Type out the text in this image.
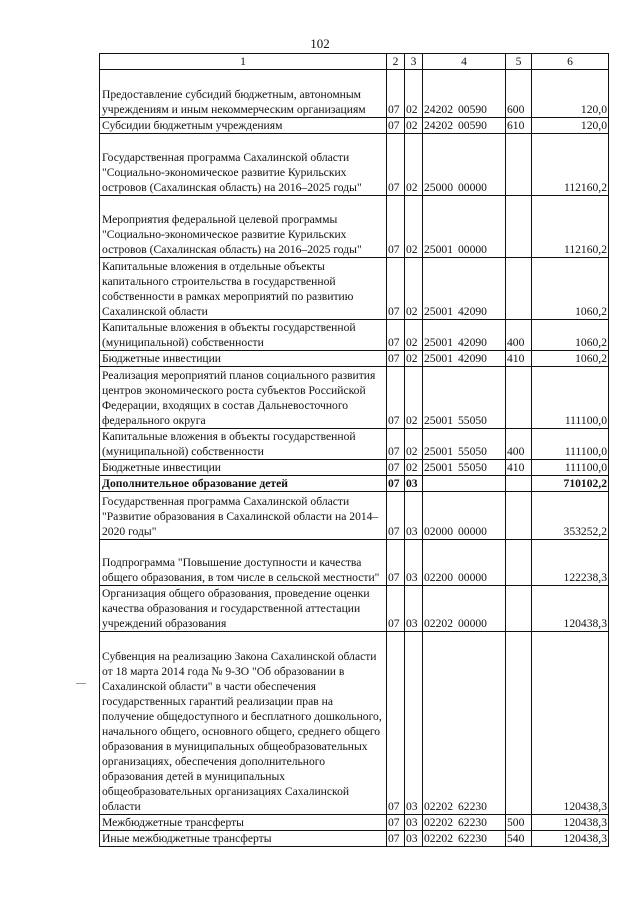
102
1	2	3	4	5	6
Предоставление субсидий бюджетным, автономным учреждениям и иным некоммерческим организациям	07	02	24202 00590	600	120,0
Субсидии бюджетным учреждениям	07	02	24202 00590	610	120,0
Государственная программа Сахалинской области "Социально-экономическое развитие Курильских островов (Сахалинская область) на 2016–2025 годы"	07	02	25000 00000		112160,2
Мероприятия федеральной целевой программы "Социально-экономическое развитие Курильских островов (Сахалинская область) на 2016–2025 годы"	07	02	25001 00000		112160,2
Капитальные вложения в отдельные объекты капитального строительства в государственной собственности в рамках мероприятий по развитию Сахалинской области	07	02	25001 42090		1060,2
Капитальные вложения в объекты государственной (муниципальной) собственности	07	02	25001 42090	400	1060,2
Бюджетные инвестиции	07	02	25001 42090	410	1060,2
Реализация мероприятий планов социального развития центров экономического роста субъектов Российской Федерации, входящих в состав Дальневосточного федерального округа	07	02	25001 55050		111100,0
Капитальные вложения в объекты государственной (муниципальной) собственности	07	02	25001 55050	400	111100,0
Бюджетные инвестиции	07	02	25001 55050	410	111100,0
Дополнительное образование детей	07	03			710102,2
Государственная программа Сахалинской области "Развитие образования в Сахалинской области на 2014–2020 годы"	07	03	02000 00000		353252,2
Подпрограмма "Повышение доступности и качества общего образования, в том числе в сельской местности"	07	03	02200 00000		122238,3
Организация общего образования, проведение оценки качества образования и государственной аттестации учреждений образования	07	03	02202 00000		120438,3
Субвенция на реализацию Закона Сахалинской области от 18 марта 2014 года № 9-ЗО "Об образовании в Сахалинской области" в части обеспечения государственных гарантий реализации прав на получение общедоступного и бесплатного дошкольного, начального общего, основного общего, среднего общего образования в муниципальных общеобразовательных организациях, обеспечения дополнительного образования детей в муниципальных общеобразовательных организациях Сахалинской области	07	03	02202 62230		120438,3
Межбюджетные трансферты	07	03	02202 62230	500	120438,3
Иные межбюджетные трансферты	07	03	02202 62230	540	120438,3
